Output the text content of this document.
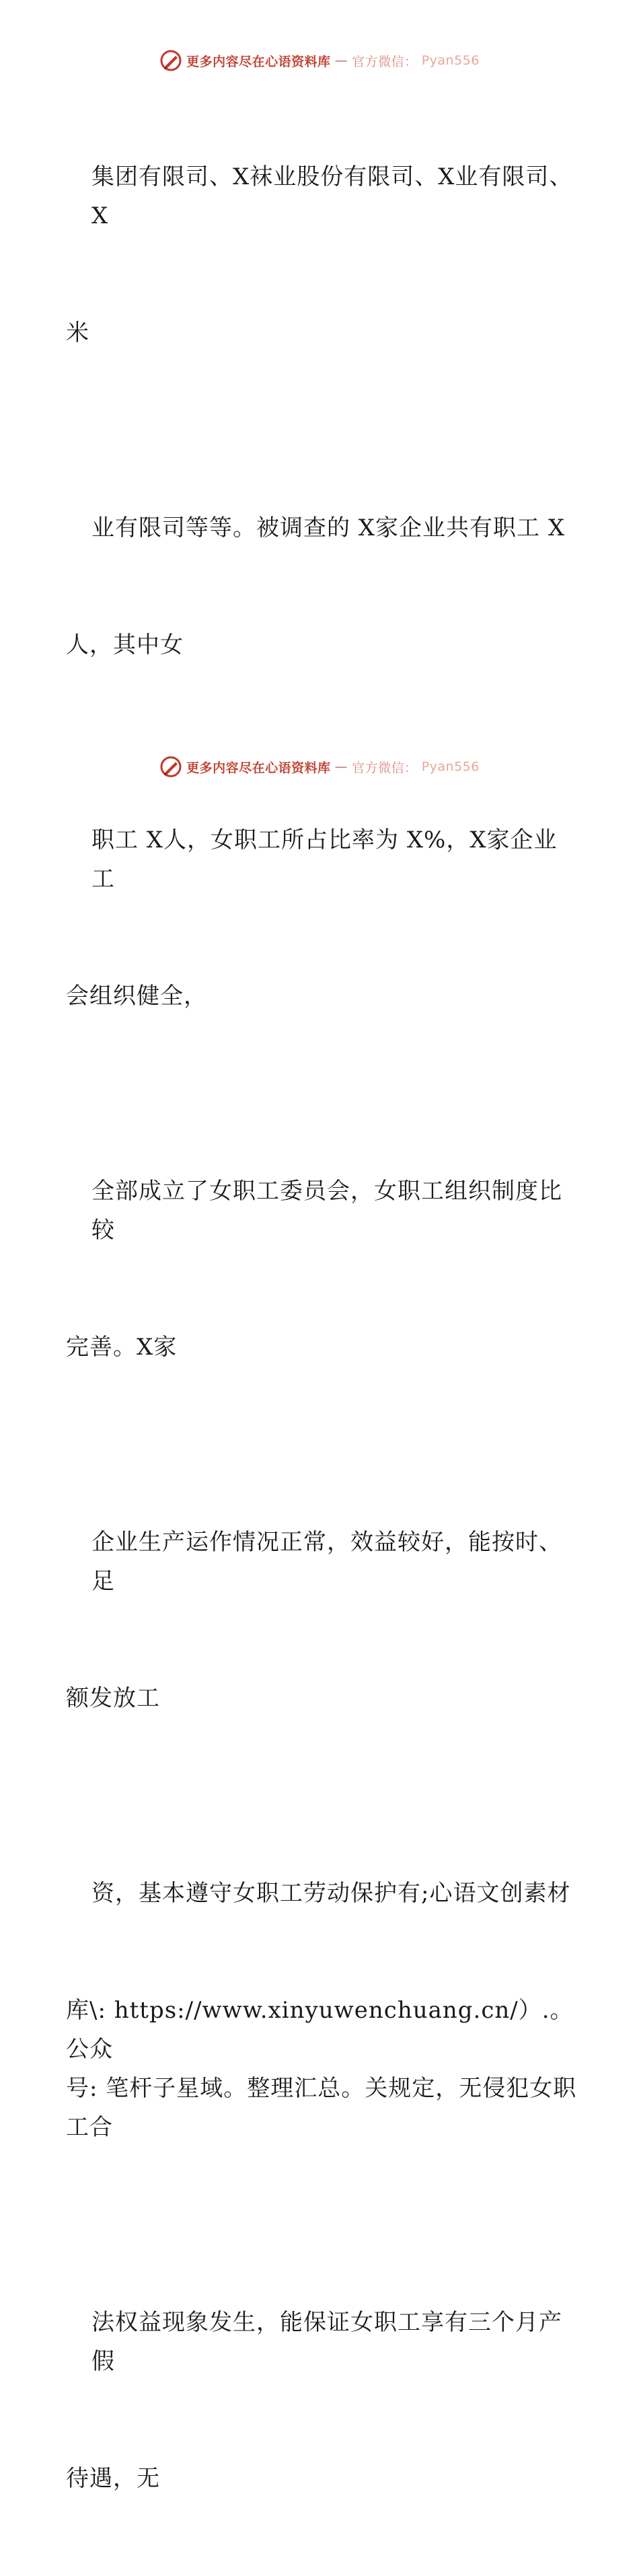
更多内容尽在心语资料库 — 官方微信： Pyan556

集团有限司、X袜业股份有限司、X业有限司、X

米

业有限司等等。被调查的 X家企业共有职工 X

人，其中女

职工 X人，女职工所占比率为 X%，X家企业工

会组织健全，

全部成立了女职工委员会，女职工组织制度比较

完善。X家

企业生产运作情况正常，效益较好，能按时、足

额发放工

资，基本遵守女职工劳动保护有;心语文创素材

库\: https://www.xinyuwenchuang.cn/）.。公众
号: 笔杆子星域。整理汇总。关规定，无侵犯女职
工合

法权益现象发生，能保证女职工享有三个月产假

待遇，无

更多内容尽在心语资料库 — 官方微信： Pyan556
